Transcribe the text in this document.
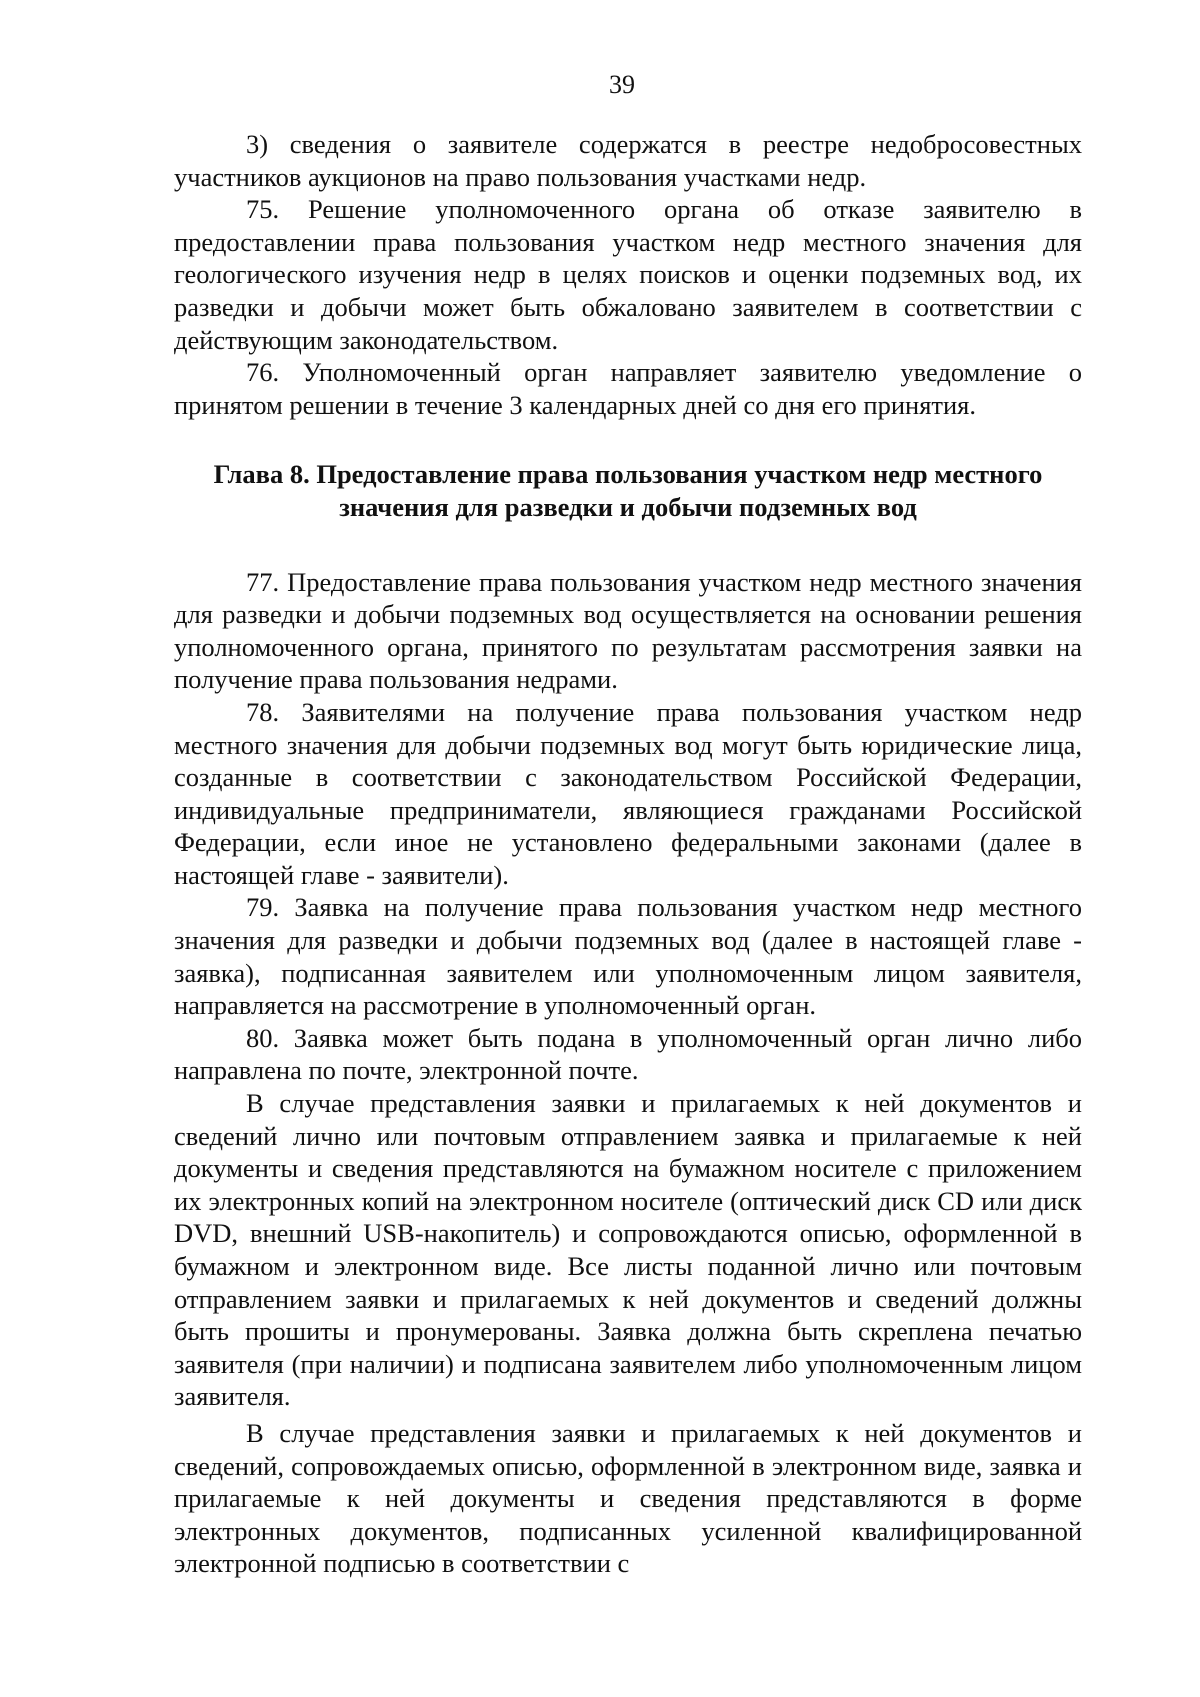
39

3) сведения о заявителе содержатся в реестре недобросовестных участников аукционов на право пользования участками недр.

75. Решение уполномоченного органа об отказе заявителю в предоставлении права пользования участком недр местного значения для геологического изучения недр в целях поисков и оценки подземных вод, их разведки и добычи может быть обжаловано заявителем в соответствии с действующим законодательством.

76. Уполномоченный орган направляет заявителю уведомление о принятом решении в течение 3 календарных дней со дня его принятия.

Глава 8. Предоставление права пользования участком недр местного
значения для разведки и добычи подземных вод

77. Предоставление права пользования участком недр местного значения для разведки и добычи подземных вод осуществляется на основании решения уполномоченного органа, принятого по результатам рассмотрения заявки на получение права пользования недрами.

78. Заявителями на получение права пользования участком недр местного значения для добычи подземных вод могут быть юридические лица, созданные в соответствии с законодательством Российской Федерации, индивидуальные предприниматели, являющиеся гражданами Российской Федерации, если иное не установлено федеральными законами (далее в настоящей главе - заявители).

79. Заявка на получение права пользования участком недр местного значения для разведки и добычи подземных вод (далее в настоящей главе - заявка), подписанная заявителем или уполномоченным лицом заявителя, направляется на рассмотрение в уполномоченный орган.

80. Заявка может быть подана в уполномоченный орган лично либо направлена по почте, электронной почте.

В случае представления заявки и прилагаемых к ней документов и сведений лично или почтовым отправлением заявка и прилагаемые к ней документы и сведения представляются на бумажном носителе с приложением их электронных копий на электронном носителе (оптический диск CD или диск DVD, внешний USB-накопитель) и сопровождаются описью, оформленной в бумажном и электронном виде. Все листы поданной лично или почтовым отправлением заявки и прилагаемых к ней документов и сведений должны быть прошиты и пронумерованы. Заявка должна быть скреплена печатью заявителя (при наличии) и подписана заявителем либо уполномоченным лицом заявителя.

В случае представления заявки и прилагаемых к ней документов и сведений, сопровождаемых описью, оформленной в электронном виде, заявка и прилагаемые к ней документы и сведения представляются в форме электронных документов, подписанных усиленной квалифицированной электронной подписью в соответствии с
